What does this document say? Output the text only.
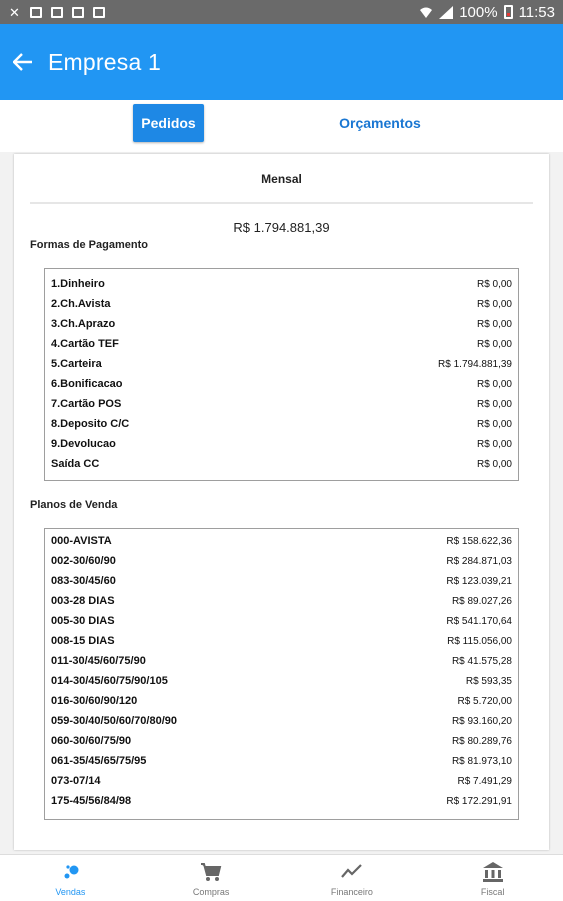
✕	100% 11:53
Empresa 1
Pedidos	Orçamentos
Mensal
R$ 1.794.881,39
Formas de Pagamento
1.Dinheiro	R$ 0,00
2.Ch.Avista	R$ 0,00
3.Ch.Aprazo	R$ 0,00
4.Cartão TEF	R$ 0,00
5.Carteira	R$ 1.794.881,39
6.Bonificacao	R$ 0,00
7.Cartão POS	R$ 0,00
8.Deposito C/C	R$ 0,00
9.Devolucao	R$ 0,00
Saída CC	R$ 0,00
Planos de Venda
000-AVISTA	R$ 158.622,36
002-30/60/90	R$ 284.871,03
083-30/45/60	R$ 123.039,21
003-28 DIAS	R$ 89.027,26
005-30 DIAS	R$ 541.170,64
008-15 DIAS	R$ 115.056,00
011-30/45/60/75/90	R$ 41.575,28
014-30/45/60/75/90/105	R$ 593,35
016-30/60/90/120	R$ 5.720,00
059-30/40/50/60/70/80/90	R$ 93.160,20
060-30/60/75/90	R$ 80.289,76
061-35/45/65/75/95	R$ 81.973,10
073-07/14	R$ 7.491,29
175-45/56/84/98	R$ 172.291,91
Vendas	Compras	Financeiro	Fiscal
